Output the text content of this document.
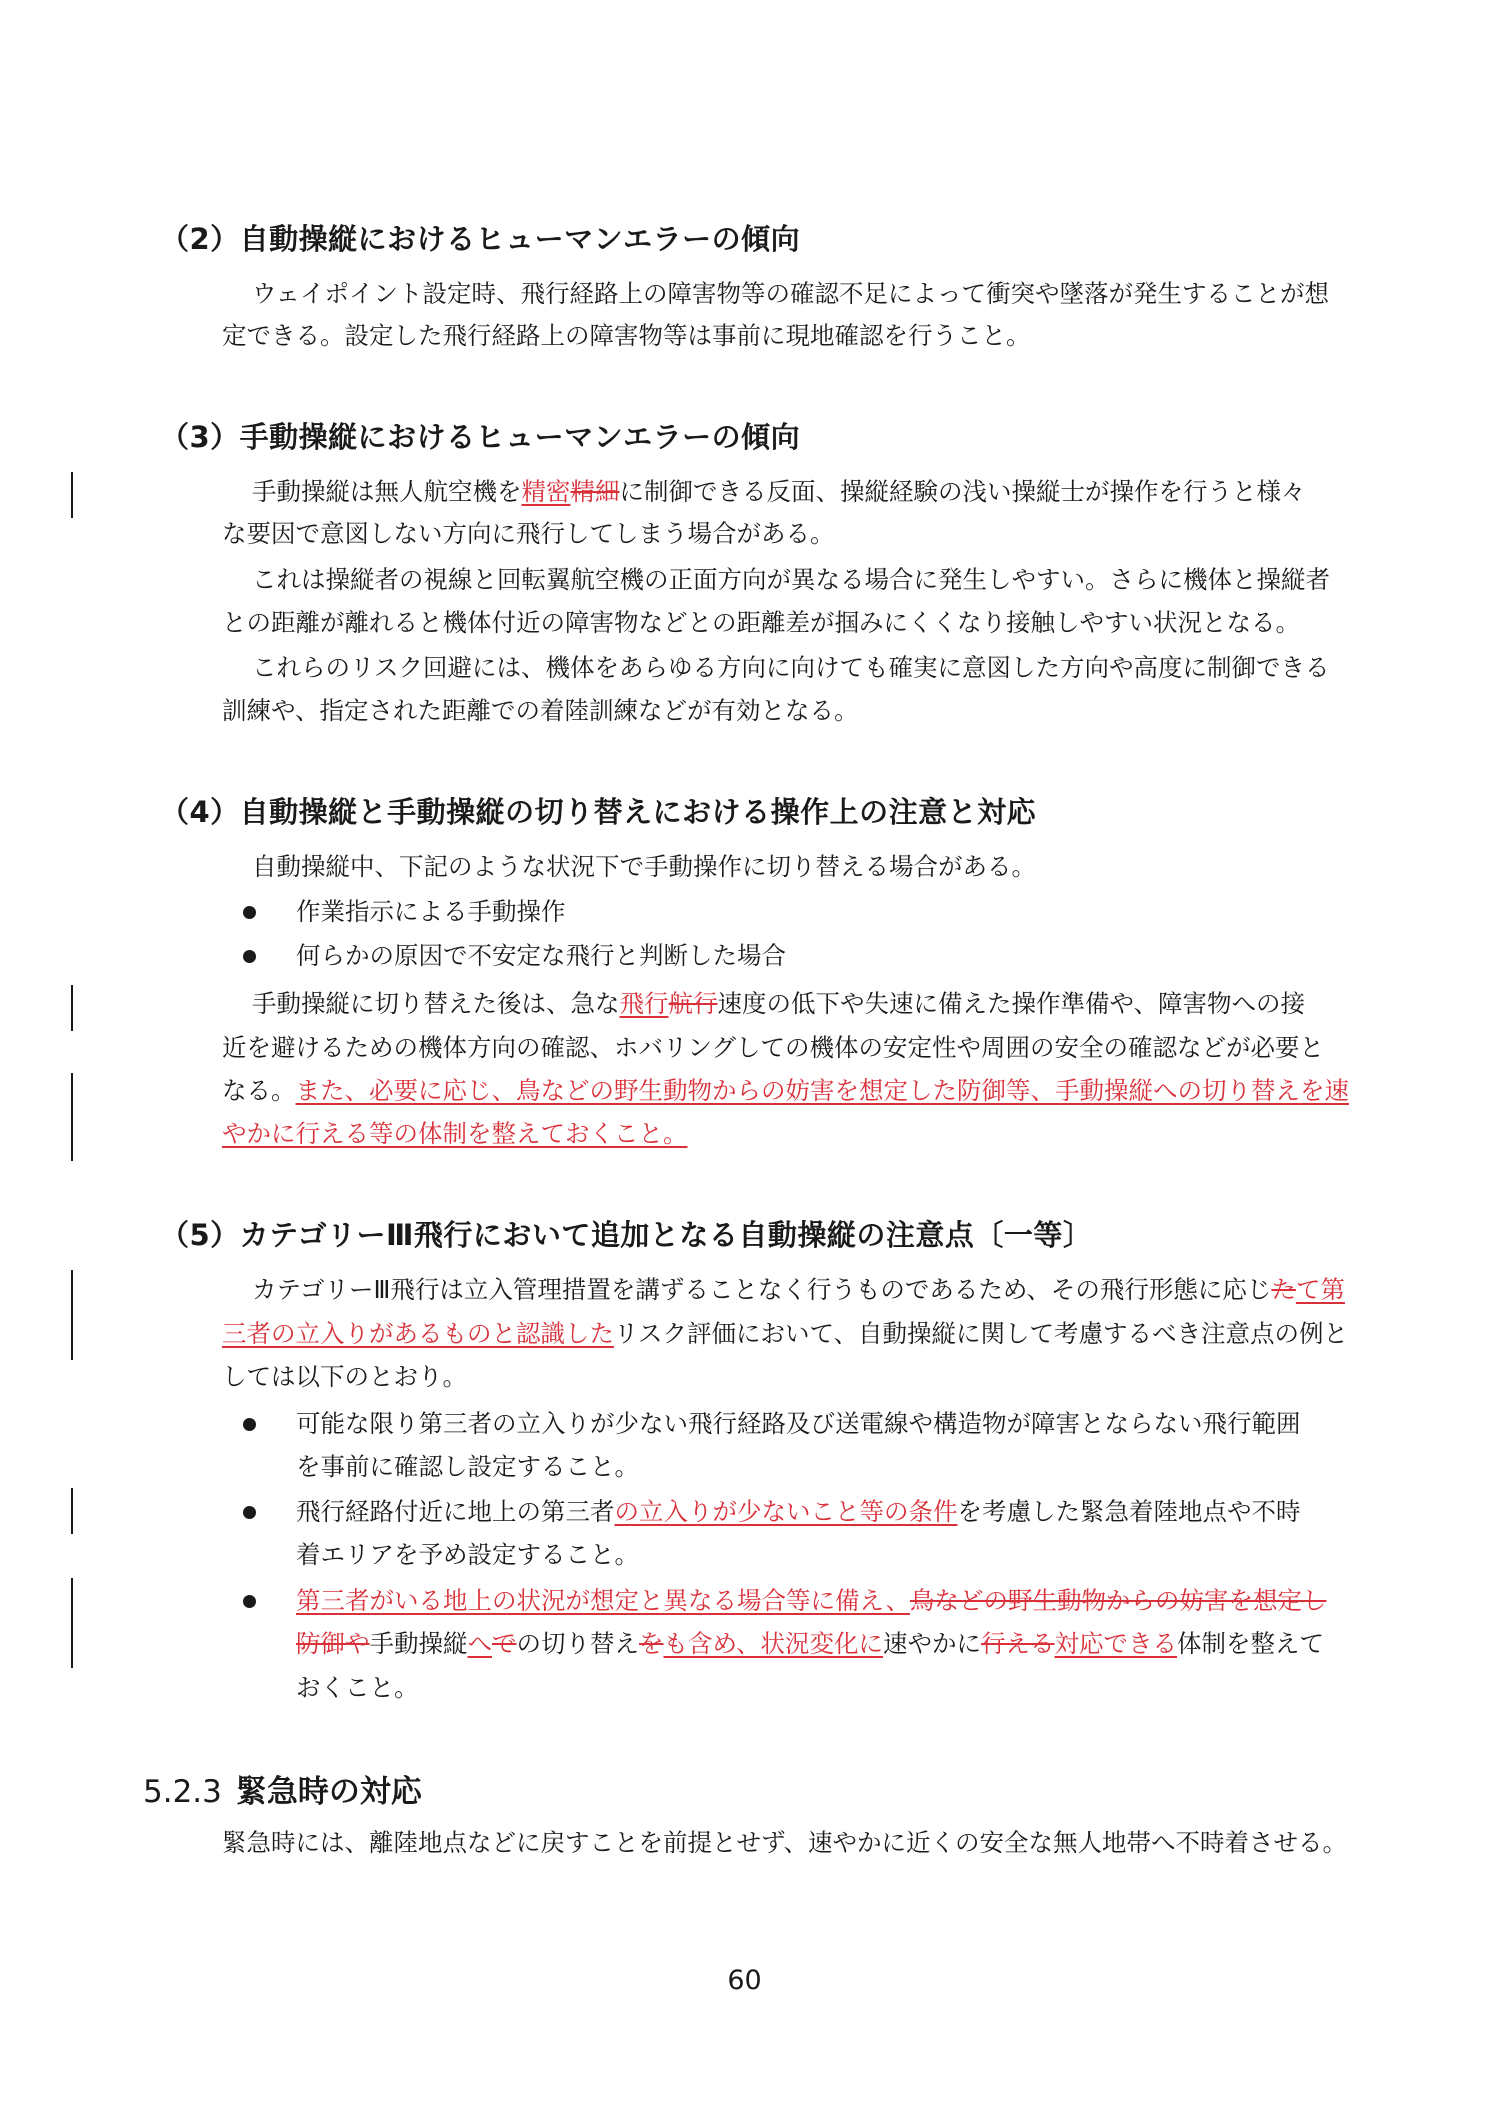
（2）自動操縦におけるヒューマンエラーの傾向
ウェイポイント設定時、飛行経路上の障害物等の確認不足によって衝突や墜落が発生することが想
定できる。設定した飛行経路上の障害物等は事前に現地確認を行うこと。
（3）手動操縦におけるヒューマンエラーの傾向
手動操縦は無人航空機を精密精細に制御できる反面、操縦経験の浅い操縦士が操作を行うと様々
な要因で意図しない方向に飛行してしまう場合がある。
これは操縦者の視線と回転翼航空機の正面方向が異なる場合に発生しやすい。さらに機体と操縦者
との距離が離れると機体付近の障害物などとの距離差が掴みにくくなり接触しやすい状況となる。
これらのリスク回避には、機体をあらゆる方向に向けても確実に意図した方向や高度に制御できる
訓練や、指定された距離での着陸訓練などが有効となる。
（4）自動操縦と手動操縦の切り替えにおける操作上の注意と対応
自動操縦中、下記のような状況下で手動操作に切り替える場合がある。
作業指示による手動操作
何らかの原因で不安定な飛行と判断した場合
手動操縦に切り替えた後は、急な飛行航行速度の低下や失速に備えた操作準備や、障害物への接
近を避けるための機体方向の確認、ホバリングしての機体の安定性や周囲の安全の確認などが必要と
なる。また、必要に応じ、鳥などの野生動物からの妨害を想定した防御等、手動操縦への切り替えを速
やかに行える等の体制を整えておくこと。
（5）カテゴリーⅢ飛行において追加となる自動操縦の注意点〔一等〕
カテゴリーⅢ飛行は立入管理措置を講ずることなく行うものであるため、その飛行形態に応じたて第
三者の立入りがあるものと認識したリスク評価において、自動操縦に関して考慮するべき注意点の例と
しては以下のとおり。
可能な限り第三者の立入りが少ない飛行経路及び送電線や構造物が障害とならない飛行範囲
を事前に確認し設定すること。
飛行経路付近に地上の第三者の立入りが少ないこと等の条件を考慮した緊急着陸地点や不時
着エリアを予め設定すること。
第三者がいる地上の状況が想定と異なる場合等に備え、鳥などの野生動物からの妨害を想定し
防御や手動操縦へでの切り替えをも含め、状況変化に速やかに行える対応できる体制を整えて
おくこと。
5.2.3 緊急時の対応
緊急時には、離陸地点などに戻すことを前提とせず、速やかに近くの安全な無人地帯へ不時着させる。
60
